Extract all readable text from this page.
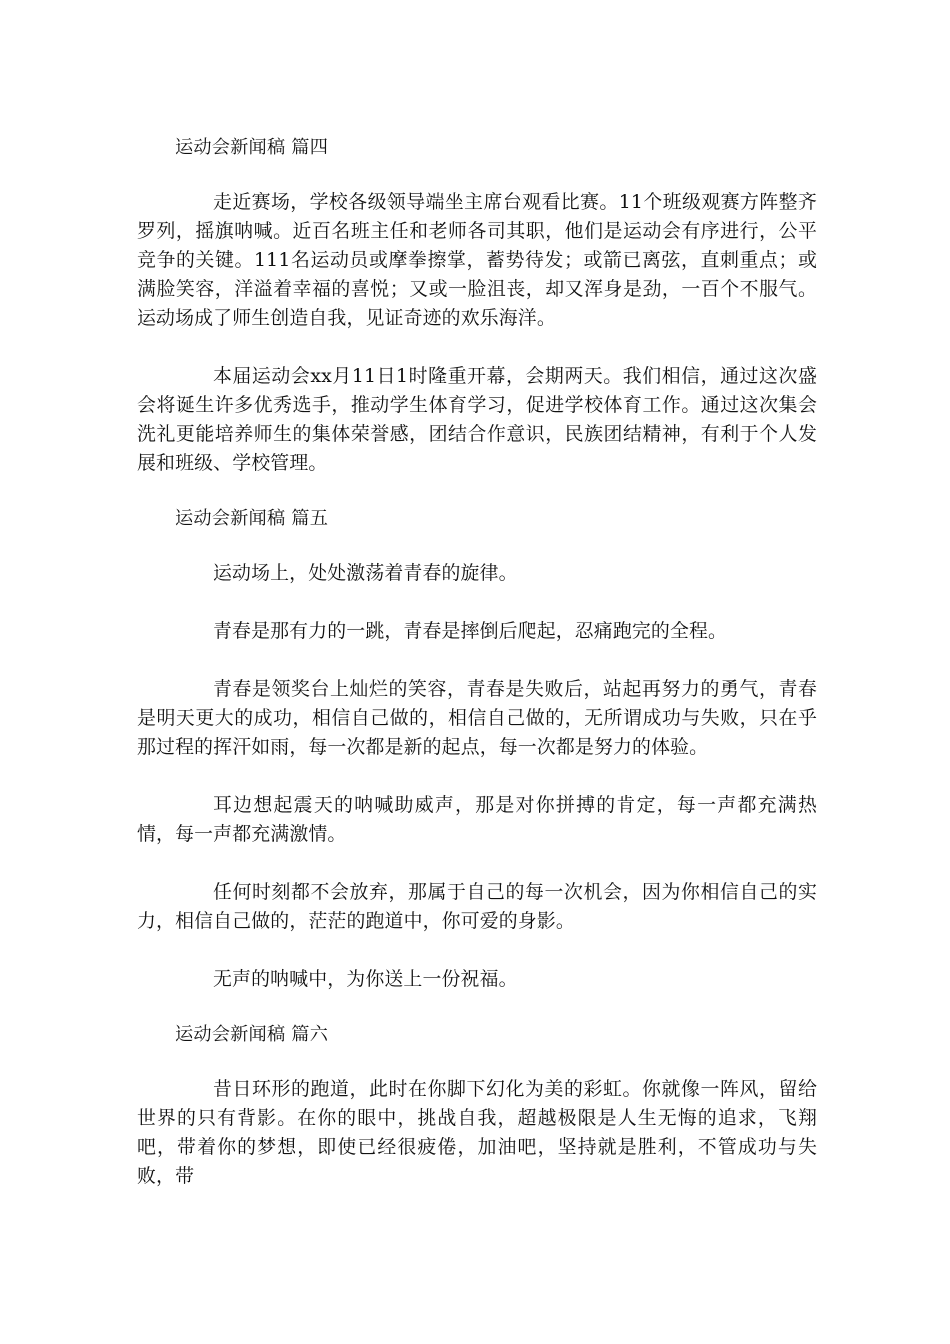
运动会新闻稿 篇四

走近赛场，学校各级领导端坐主席台观看比赛。11个班级观赛方阵整齐罗列，摇旗呐喊。近百名班主任和老师各司其职，他们是运动会有序进行，公平竞争的关键。111名运动员或摩拳擦掌，蓄势待发；或箭已离弦，直刺重点；或满脸笑容，洋溢着幸福的喜悦；又或一脸沮丧，却又浑身是劲，一百个不服气。运动场成了师生创造自我，见证奇迹的欢乐海洋。

本届运动会xx月11日1时隆重开幕，会期两天。我们相信，通过这次盛会将诞生许多优秀选手，推动学生体育学习，促进学校体育工作。通过这次集会洗礼更能培养师生的集体荣誉感，团结合作意识，民族团结精神，有利于个人发展和班级、学校管理。

运动会新闻稿 篇五

运动场上，处处激荡着青春的旋律。

青春是那有力的一跳，青春是摔倒后爬起，忍痛跑完的全程。

青春是领奖台上灿烂的笑容，青春是失败后，站起再努力的勇气，青春是明天更大的成功，相信自己做的，相信自己做的，无所谓成功与失败，只在乎那过程的挥汗如雨，每一次都是新的起点，每一次都是努力的体验。

耳边想起震天的呐喊助威声，那是对你拼搏的肯定，每一声都充满热情，每一声都充满激情。

任何时刻都不会放弃，那属于自己的每一次机会，因为你相信自己的实力，相信自己做的，茫茫的跑道中，你可爱的身影。

无声的呐喊中，为你送上一份祝福。

运动会新闻稿 篇六

昔日环形的跑道，此时在你脚下幻化为美的彩虹。你就像一阵风，留给世界的只有背影。在你的眼中，挑战自我，超越极限是人生无悔的追求，飞翔吧，带着你的梦想，即使已经很疲倦，加油吧，坚持就是胜利，不管成功与失败，带
